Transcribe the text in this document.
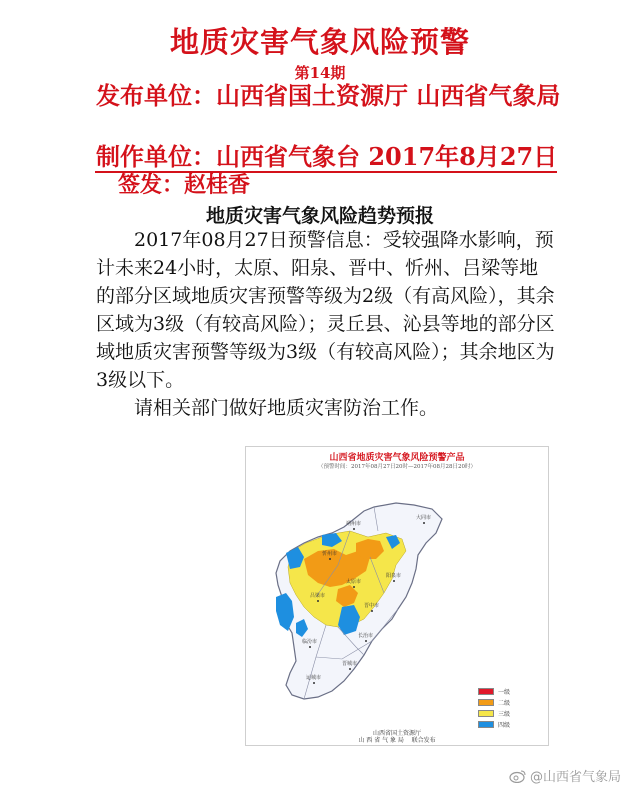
地质灾害气象风险预警
第14期
发布单位：山西省国土资源厅 山西省气象局
制作单位：山西省气象台 2017年8月27日
签发：赵桂香
地质灾害气象风险趋势预报

2017年08月27日预警信息：受较强降水影响，预计未来24小时，太原、阳泉、晋中、忻州、吕梁等地的部分区域地质灾害预警等级为2级（有高风险），其余区域为3级（有较高风险）；灵丘县、沁县等地的部分区域地质灾害预警等级为3级（有较高风险）；其余地区为3级以下。

请相关部门做好地质灾害防治工作。

山西省地质灾害气象风险预警产品
（预警时间：2017年08月27日20时—2017年08月28日20时）
大同市
朔州市
忻州市
阳泉市
太原市
吕梁市
晋中市
长治市
临汾市
晋城市
运城市
一级
二级
三级
四级
山西省国土资源厅
山 西 省 气 象 局 联合发布
@山西省气象局
